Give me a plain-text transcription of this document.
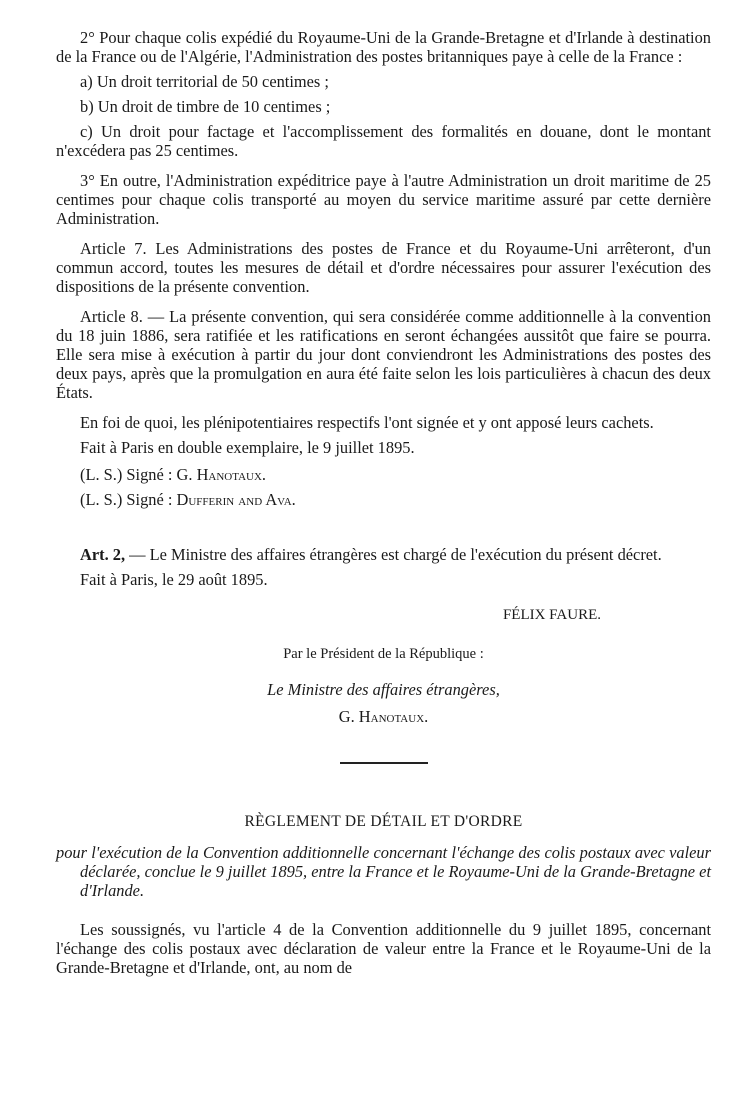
2° Pour chaque colis expédié du Royaume-Uni de la Grande-Bretagne et d'Irlande à destination de la France ou de l'Algérie, l'Administration des postes britanniques paye à celle de la France :

a) Un droit territorial de 50 centimes ;

b) Un droit de timbre de 10 centimes ;

c) Un droit pour factage et l'accomplissement des formalités en douane, dont le montant n'excédera pas 25 centimes.

3° En outre, l'Administration expéditrice paye à l'autre Administration un droit maritime de 25 centimes pour chaque colis transporté au moyen du service maritime assuré par cette dernière Administration.

Article 7. Les Administrations des postes de France et du Royaume-Uni arrêteront, d'un commun accord, toutes les mesures de détail et d'ordre nécessaires pour assurer l'exécution des dispositions de la présente convention.

Article 8. — La présente convention, qui sera considérée comme additionnelle à la convention du 18 juin 1886, sera ratifiée et les ratifications en seront échangées aussitôt que faire se pourra. Elle sera mise à exécution à partir du jour dont conviendront les Administrations des postes des deux pays, après que la promulgation en aura été faite selon les lois particulières à chacun des deux États.

En foi de quoi, les plénipotentiaires respectifs l'ont signée et y ont apposé leurs cachets.

Fait à Paris en double exemplaire, le 9 juillet 1895.

(L. S.) Signé : G. Hanotaux.

(L. S.) Signé : Dufferin and Ava.

Art. 2, — Le Ministre des affaires étrangères est chargé de l'exécution du présent décret.

Fait à Paris, le 29 août 1895.

FÉLIX FAURE.

Par le Président de la République :

Le Ministre des affaires étrangères,

G. Hanotaux.

RÈGLEMENT DE DÉTAIL ET D'ORDRE

pour l'exécution de la Convention additionnelle concernant l'échange des colis postaux avec valeur déclarée, conclue le 9 juillet 1895, entre la France et le Royaume-Uni de la Grande-Bretagne et d'Irlande.

Les soussignés, vu l'article 4 de la Convention additionnelle du 9 juillet 1895, concernant l'échange des colis postaux avec déclaration de valeur entre la France et le Royaume-Uni de la Grande-Bretagne et d'Irlande, ont, au nom de
